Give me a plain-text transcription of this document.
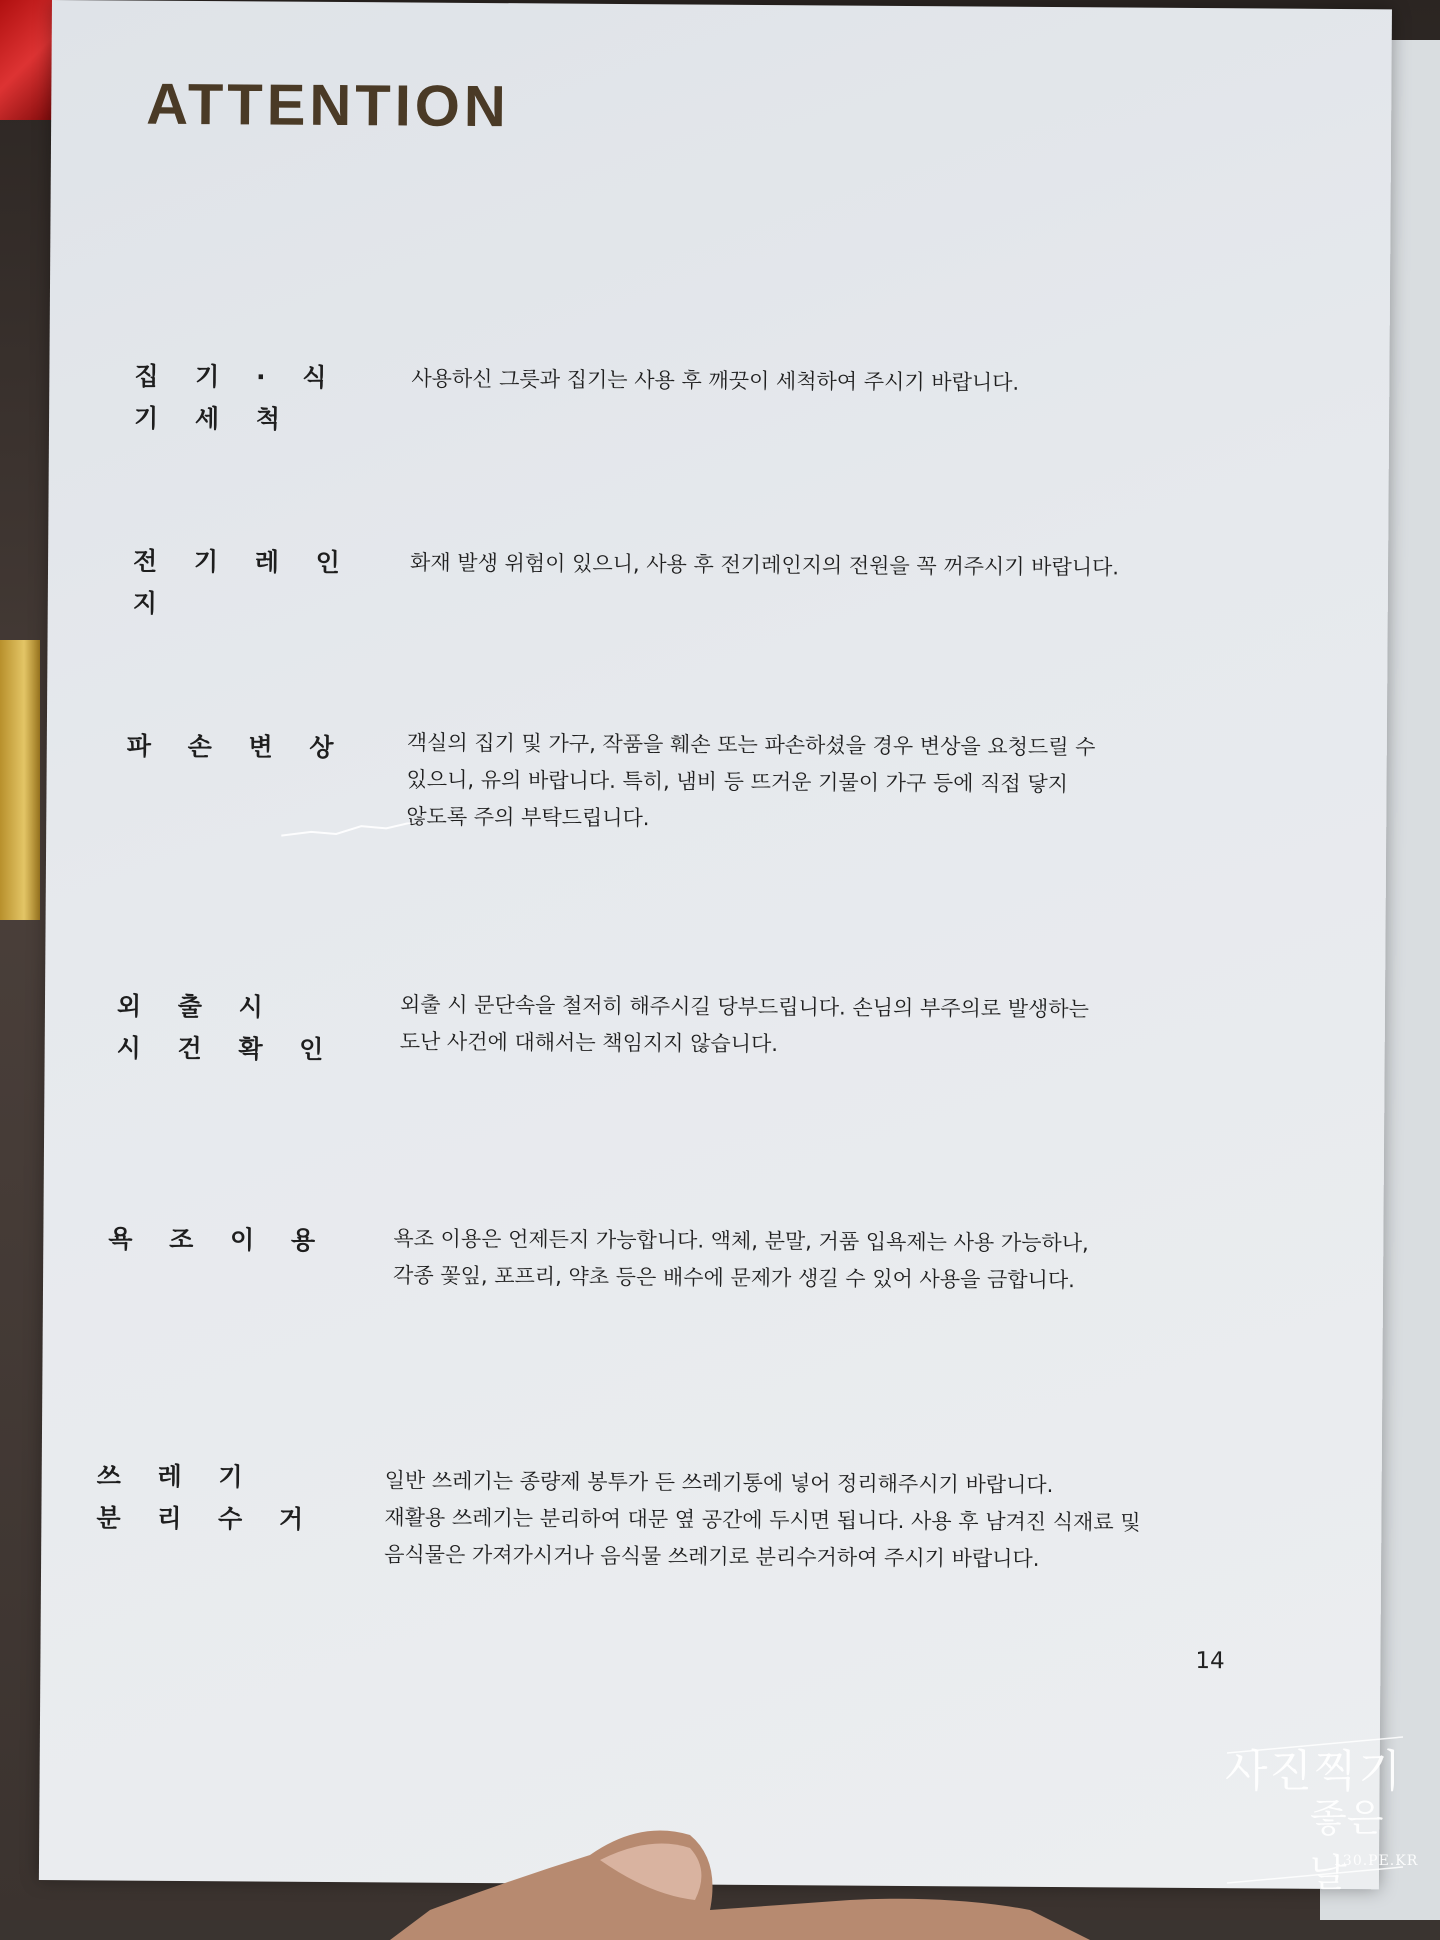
ATTENTION
집 기 · 식 기 세 척

사용하신 그릇과 집기는 사용 후 깨끗이 세척하여 주시기 바랍니다.

전 기 레 인 지

화재 발생 위험이 있으니, 사용 후 전기레인지의 전원을 꼭 꺼주시기 바랍니다.

파 손 변 상	객실의 집기 및 가구, 작품을 훼손 또는 파손하셨을 경우 변상을 요청드릴 수

있으니, 유의 바랍니다. 특히, 냄비 등 뜨거운 기물이 가구 등에 직접 닿지

않도록 주의 부탁드립니다.

외 출 시
시 건 확 인

외출 시 문단속을 철저히 해주시길 당부드립니다. 손님의 부주의로 발생하는

도난 사건에 대해서는 책임지지 않습니다.

욕 조 이 용	욕조 이용은 언제든지 가능합니다. 액체, 분말, 거품 입욕제는 사용 가능하나,

각종 꽃잎, 포프리, 약초 등은 배수에 문제가 생길 수 있어 사용을 금합니다.

쓰 레 기
분 리 수 거

일반 쓰레기는 종량제 봉투가 든 쓰레기통에 넣어 정리해주시기 바랍니다.

재활용 쓰레기는 분리하여 대문 옆 공간에 두시면 됩니다. 사용 후 남겨진 식재료 및

음식물은 가져가시거나 음식물 쓰레기로 분리수거하여 주시기 바랍니다.

14
사진찍기
좋은날
130.PE.KR
